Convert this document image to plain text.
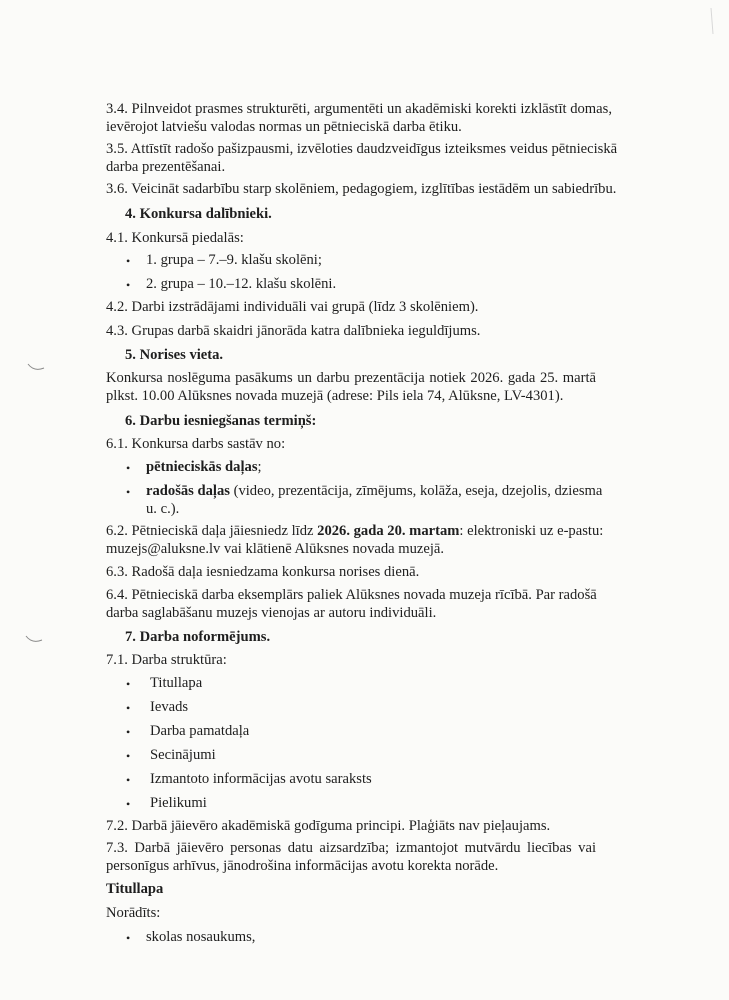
3.4. Pilnveidot prasmes strukturēti, argumentēti un akadēmiski korekti izklāstīt domas,
ievērojot latviešu valodas normas un pētnieciskā darba ētiku.
3.5. Attīstīt radošo pašizpausmi, izvēloties daudzveidīgus izteiksmes veidus pētnieciskā
darba prezentēšanai.
3.6. Veicināt sadarbību starp skolēniem, pedagogiem, izglītības iestādēm un sabiedrību.
4. Konkursa dalībnieki.
4.1. Konkursā piedalās:
• 1. grupa – 7.–9. klašu skolēni;
• 2. grupa – 10.–12. klašu skolēni.
4.2. Darbi izstrādājami individuāli vai grupā (līdz 3 skolēniem).
4.3. Grupas darbā skaidri jānorāda katra dalībnieka ieguldījums.
5. Norises vieta.
Konkursa noslēguma pasākums un darbu prezentācija notiek 2026. gada 25. martā
plkst. 10.00 Alūksnes novada muzejā (adrese: Pils iela 74, Alūksne, LV-4301).
6. Darbu iesniegšanas termiņš:
6.1. Konkursa darbs sastāv no:
• pētnieciskās daļas;
• radošās daļas (video, prezentācija, zīmējums, kolāža, eseja, dzejolis, dziesma
u. c.).
6.2. Pētnieciskā daļa jāiesniedz līdz 2026. gada 20. martam: elektroniski uz e-pastu:
muzejs@aluksne.lv vai klātienē Alūksnes novada muzejā.
6.3. Radošā daļa iesniedzama konkursa norises dienā.
6.4. Pētnieciskā darba eksemplārs paliek Alūksnes novada muzeja rīcībā. Par radošā
darba saglabāšanu muzejs vienojas ar autoru individuāli.
7. Darba noformējums.
7.1. Darba struktūra:
• Titullapa
• Ievads
• Darba pamatdaļa
• Secinājumi
• Izmantoto informācijas avotu saraksts
• Pielikumi
7.2. Darbā jāievēro akadēmiskā godīguma principi. Plaģiāts nav pieļaujams.
7.3. Darbā jāievēro personas datu aizsardzība; izmantojot mutvārdu liecības vai
personīgus arhīvus, jānodrošina informācijas avotu korekta norāde.
Titullapa
Norādīts:
• skolas nosaukums,
